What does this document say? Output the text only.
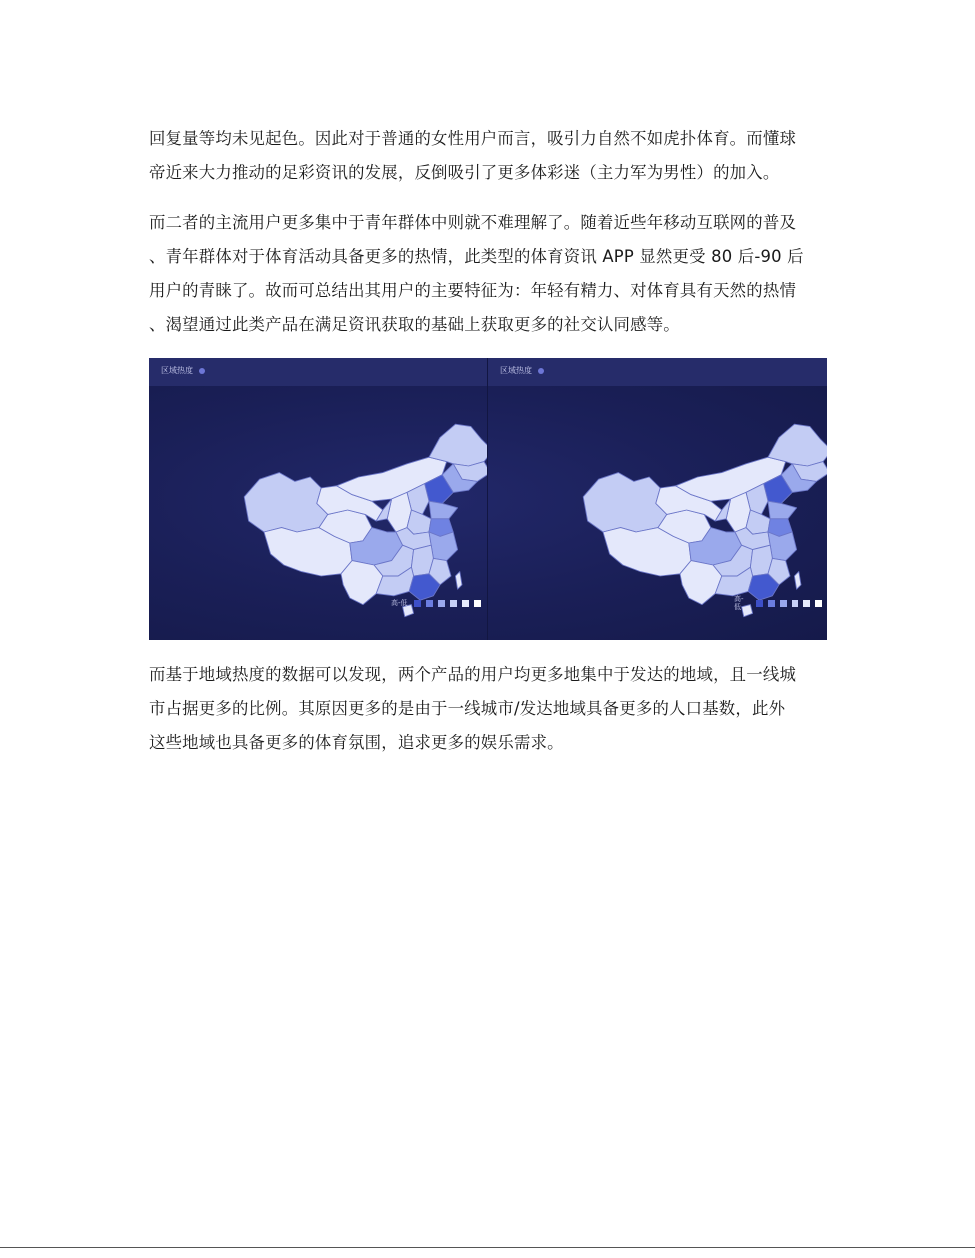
回复量等均未见起色。因此对于普通的女性用户而言，吸引力自然不如虎扑体育。而懂球
帝近来大力推动的足彩资讯的发展，反倒吸引了更多体彩迷（主力军为男性）的加入。

而二者的主流用户更多集中于青年群体中则就不难理解了。随着近些年移动互联网的普及
、青年群体对于体育活动具备更多的热情，此类型的体育资讯 APP 显然更受 80 后-90 后
用户的青睐了。故而可总结出其用户的主要特征为：年轻有精力、对体育具有天然的热情
、渴望通过此类产品在满足资讯获取的基础上获取更多的社交认同感等。

区域热度
高-低
区域热度
高-低

而基于地域热度的数据可以发现，两个产品的用户均更多地集中于发达的地域，且一线城
市占据更多的比例。其原因更多的是由于一线城市/发达地域具备更多的人口基数，此外
这些地域也具备更多的体育氛围，追求更多的娱乐需求。
